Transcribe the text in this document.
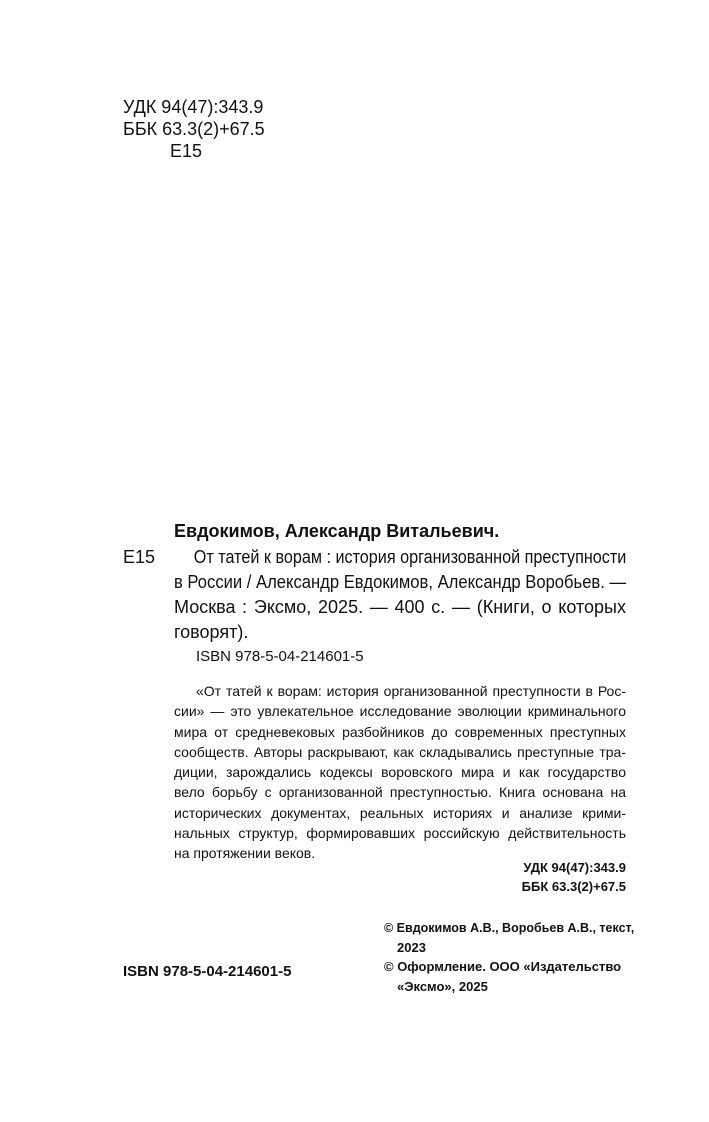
УДК 94(47):343.9
ББК 63.3(2)+67.5
Е15
Евдокимов, Александр Витальевич.
Е15	От татей к ворам : история организованной преступности
в России / Александр Евдокимов, Александр Воробьев. —
Москва : Эксмо, 2025. — 400 с. — (Книги, о которых
говорят).
ISBN 978-5-04-214601-5
«От татей к ворам: история организованной преступности в Рос-
сии» — это увлекательное исследование эволюции криминального
мира от средневековых разбойников до современных преступных
сообществ. Авторы раскрывают, как складывались преступные тра-
диции, зарождались кодексы воровского мира и как государство
вело борьбу с организованной преступностью. Книга основана на
исторических документах, реальных историях и анализе крими-
нальных структур, формировавших российскую действительность
на протяжении веков.
УДК 94(47):343.9
ББК 63.3(2)+67.5
ISBN 978-5-04-214601-5
© Евдокимов А.В., Воробьев А.В., текст,
2023
© Оформление. ООО «Издательство
«Эксмо», 2025
